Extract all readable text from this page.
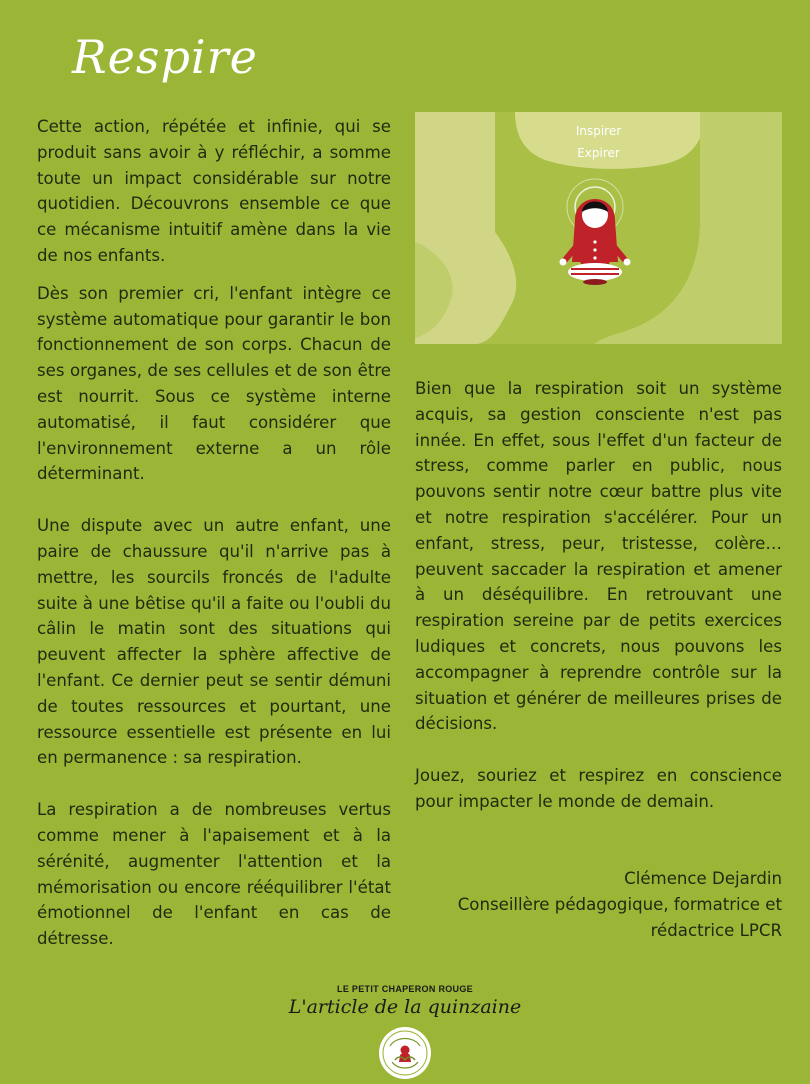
Respire

Cette action, répétée et infinie, qui se produit sans avoir à y réfléchir, a somme toute un impact considérable sur notre quotidien. Découvrons ensemble ce que ce mécanisme intuitif amène dans la vie de nos enfants.

Dès son premier cri, l'enfant intègre ce système automatique pour garantir le bon fonctionnement de son corps. Chacun de ses organes, de ses cellules et de son être est nourrit. Sous ce système interne automatisé, il faut considérer que l'environnement externe a un rôle déterminant.

Une dispute avec un autre enfant, une paire de chaussure qu'il n'arrive pas à mettre, les sourcils froncés de l'adulte suite à une bêtise qu'il a faite ou l'oubli du câlin le matin sont des situations qui peuvent affecter la sphère affective de l'enfant. Ce dernier peut se sentir démuni de toutes ressources et pourtant, une ressource essentielle est présente en lui en permanence : sa respiration.

La respiration a de nombreuses vertus comme mener à l'apaisement et à la sérénité, augmenter l'attention et la mémorisation ou encore rééquilibrer l'état émotionnel de l'enfant en cas de détresse.

Inspirer
Expirer

Bien que la respiration soit un système acquis, sa gestion consciente n'est pas innée. En effet, sous l'effet d'un facteur de stress, comme parler en public, nous pouvons sentir notre cœur battre plus vite et notre respiration s'accélérer. Pour un enfant, stress, peur, tristesse, colère… peuvent saccader la respiration et amener à un déséquilibre. En retrouvant une respiration sereine par de petits exercices ludiques et concrets, nous pouvons les accompagner à reprendre contrôle sur la situation et générer de meilleures prises de décisions.

Jouez, souriez et respirez en conscience pour impacter le monde de demain.

Clémence Dejardin
Conseillère pédagogique, formatrice et
rédactrice LPCR
LE PETIT CHAPERON ROUGE
L'article de la quinzaine
